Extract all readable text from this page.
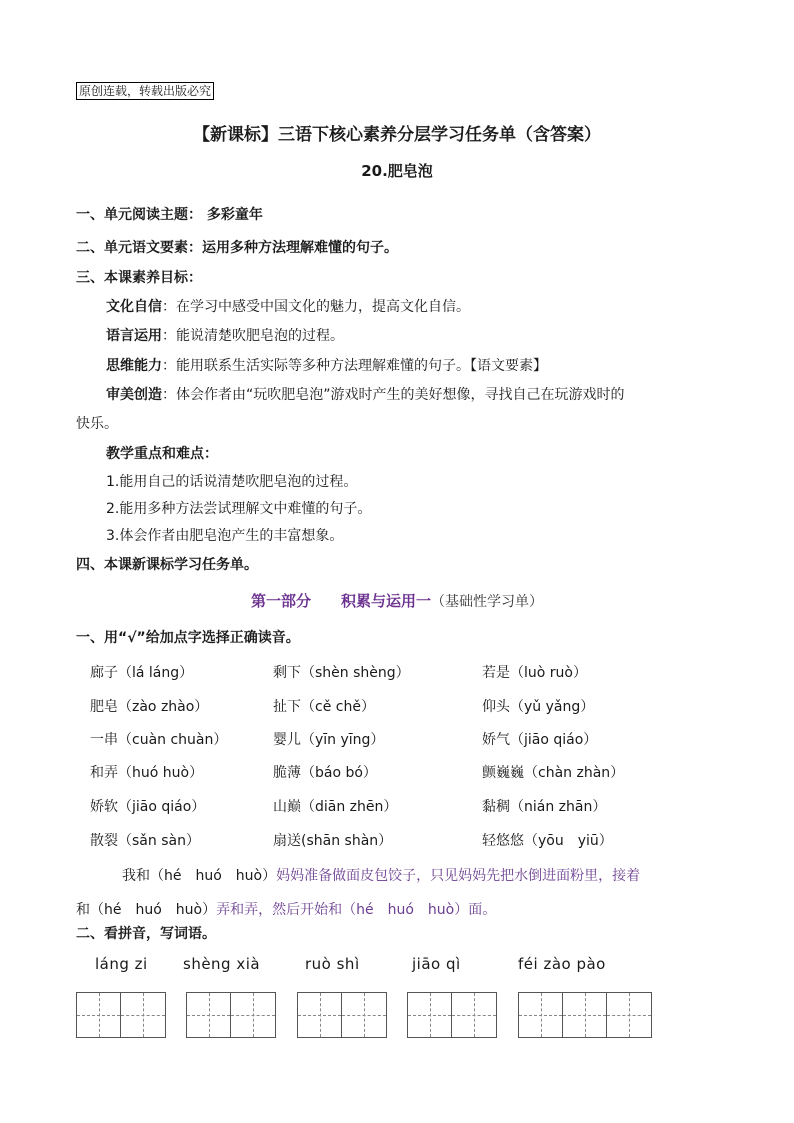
原创连载，转载出版必究
【新课标】三语下核心素养分层学习任务单（含答案）
20.肥皂泡
一、单元阅读主题： 多彩童年
二、单元语文要素：运用多种方法理解难懂的句子。
三、本课素养目标：
文化自信：在学习中感受中国文化的魅力，提高文化自信。
语言运用：能说清楚吹肥皂泡的过程。
思维能力：能用联系生活实际等多种方法理解难懂的句子。【语文要素】
审美创造：体会作者由“玩吹肥皂泡”游戏时产生的美好想像，寻找自己在玩游戏时的
快乐。
教学重点和难点：
1.能用自己的话说清楚吹肥皂泡的过程。
2.能用多种方法尝试理解文中难懂的句子。
3.体会作者由肥皂泡产生的丰富想象。
四、本课新课标学习任务单。
第一部分　　积累与运用一（基础性学习单）
一、用“√”给加点字选择正确读音。
廊子（lá láng）	剩下（shèn shèng）	若是（luò ruò）
肥皂（zào zhào）	扯下（cě chě）	仰头（yǔ yǎng）
一串（cuàn chuàn）	婴儿（yīn yīng）	娇气（jiāo qiáo）
和弄（huó huò）	脆薄（báo bó）	颤巍巍（chàn zhàn）
娇软（jiāo qiáo）	山巅（diān zhēn）	黏稠（nián zhān）
散裂（sǎn sàn）	扇送(shān shàn）	轻悠悠（yōu　yiū）
我和（hé　huó　huò）妈妈准备做面皮包饺子，只见妈妈先把水倒进面粉里，接着
和（hé　huó　huò）弄和弄，然后开始和（hé　huó　huò）面。
二、看拼音，写词语。
láng zi shèng xià	ruò shì	jiāo qì	féi zào pào
